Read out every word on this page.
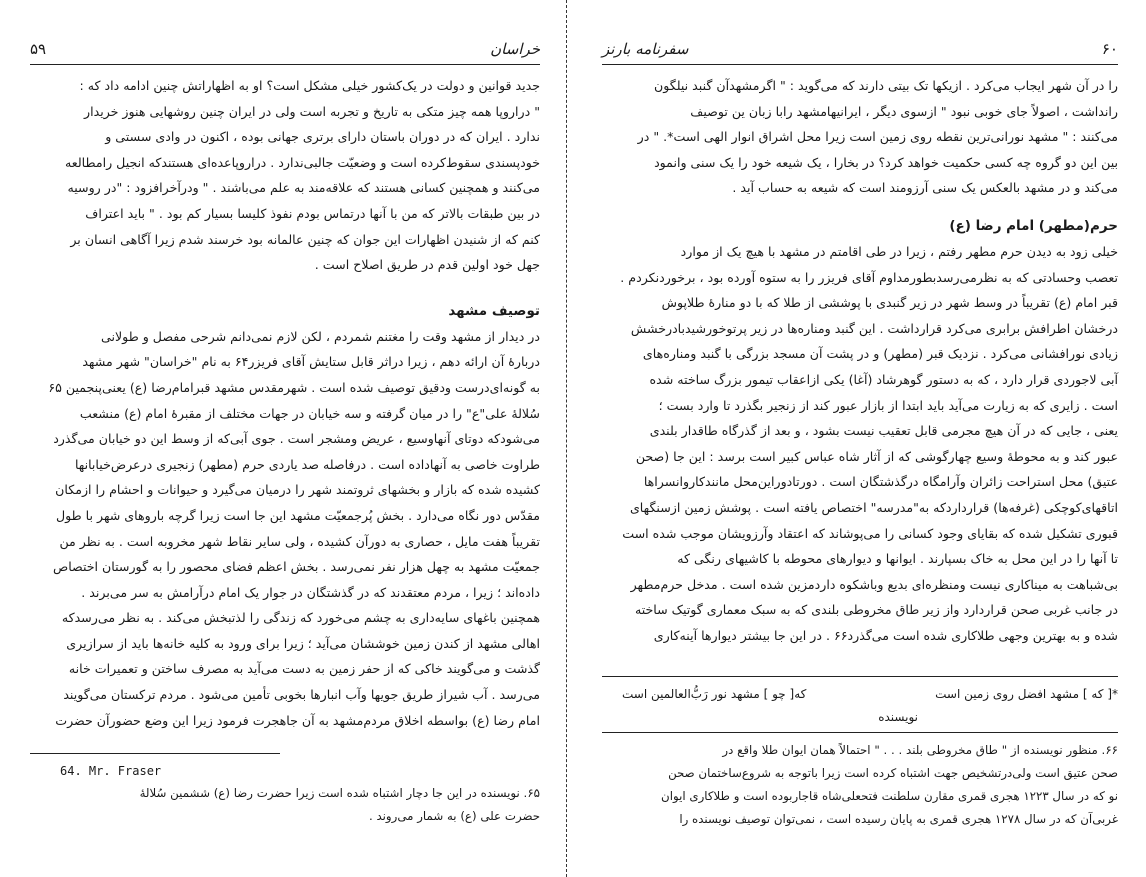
۶۰
سفرنامه بارنز

را در آن شهر ایجاب می‌کرد . ازیکها تک بیتی دارند که می‌گوید : " اگرمشهدآن گنبد نیلگون

رانداشت ، اصولاً جای خوبی نبود " ازسوی دیگر ، ایرانیهامشهد رابا زبان ین توصیف

می‌کنند : " مشهد نورانی‌ترین نقطه روی زمین است زیرا محل اشراق انوار الهی است*. " در

بین این دو گروه چه کسی حکمیت خواهد کرد؟ در بخارا ، یک شیعه خود را یک سنی وانمود

می‌کند و در مشهد بالعکس یک سنی آرزومند است که شیعه به حساب آید .

حرم(مطهر) امام رضا (ع)

خیلی زود به دیدن حرم مطهر رفتم ، زیرا در طی اقامتم در مشهد با هیچ یک از موارد

تعصب وحسادتی که به نظرمی‌رسدبطورمداوم آقای فریزر را به ستوه آورده بود ، برخوردنکردم .

قبر امام (ع) تقریباً در وسط شهر در زیر گنبدی با پوششی از طلا که با دو مناره‌ٔ طلاپوش

درخشان اطرافش برابری می‌کرد قرارداشت . این گنبد ومناره‌ها در زیر پرتوخورشیدبادرخشش

زیادی نورافشانی می‌کرد . نزدیک قبر (مطهر) و در پشت آن مسجد بزرگی با گنبد ومناره‌های

آبی لاجوردی قرار دارد ، که به دستور گوهرشاد (آغا) یکی ازاعقاب تیمور بزرگ ساخته شده

است . زایری که به زیارت می‌آید باید ابتدا از بازار عبور کند از زنجیر بگذرد تا وارد بست ؛

یعنی ، جایی که در آن هیچ مجرمی قابل تعقیب نیست بشود ، و بعد از گذرگاه طاقدار بلندی

عبور کند و به محوطه‌ٔ وسیع چهارگوشی که از آثار شاه عباس کبیر است برسد : این جا (صحن

عتیق) محل استراحت زائران وآرامگاه درگذشتگان است . دورتادوراین‌محل مانندکاروانسراها

اتاقهای‌کوچکی (غرفه‌ها) قراردارد‌که به‌"مدرسه" اختصاص یافته است . پوشش زمین ازسنگهای

قبوری تشکیل شده که بقایای وجود کسانی را می‌پوشاند که اعتقاد وآرزویشان موجب شده است

تا آنها را در این محل به خاک بسپارند . ایوانها و دیوارهای محوطه با کاشیهای رنگی که

بی‌شباهت به میناکاری نیست ومنظره‌ای بدیع وباشکوه داردمزین شده است . مدخل حرم‌مطهر

در جانب غربی صحن قراردارد واز زیر طاق مخروطی بلندی که به سبک معماری گوتیک ساخته

شده و به بهترین وجهی طلاکاری شده است می‌گذرد۶۶ . در این جا بیشتر دیوارها آینه‌کاری

*[ که ] مشهد افضل روی زمین است
که[ چو ] مشهد نور رَبُّ‌العالمین است
نویسنده

۶۶. منظور نویسنده از " طاق مخروطی بلند . . . " احتمالاً همان ایوان طلا واقع در

صحن عتیق است ولی‌درتشخیص جهت اشتباه کرده است زیرا باتوجه به شروع‌ساختمان صحن

نو که در سال ۱۲۲۳ هجری قمری مقارن سلطنت فتحعلی‌شاه قاجاربوده است و طلاکاری ایوان

غربی‌آن که در سال ۱۲۷۸ هجری قمری به پایان رسیده است ، نمی‌توان توصیف نویسنده را

خراسان
۵۹

جدید قوانین و دولت در یک‌کشور خیلی مشکل است؟ او به اظهاراتش چنین ادامه داد که :

" دراروپا همه چیز متکی به تاریخ و تجربه است ولی در ایران چنین روشهایی هنوز خریدار

ندارد . ایران که در دوران باستان دارای برتری جهانی بوده ، اکنون در وادی سستی و

خودپسندی سقوط‌کرده است و وضعیّت جالبی‌ندارد . دراروپاعده‌ای هستندکه انجیل رامطالعه

می‌کنند و همچنین کسانی هستند که علاقه‌مند به علم می‌باشند . " ودرآخرافزود : "در روسیه

در بین طبقات بالاتر که من با آنها درتماس بودم نفوذ کلیسا بسیار کم بود . " باید اعتراف

کنم که از شنیدن اظهارات این جوان که چنین عالمانه بود خرسند شدم زیرا آگاهی انسان بر

جهل خود اولین قدم در طریق اصلاح است .

توصیف مشهد

در دیدار از مشهد وقت را مغتنم شمردم ، لکن لازم نمی‌دانم شرحی مفصل و طولانی

درباره‌ٔ آن ارائه دهم ، زیرا دراثر قابل ستایش آقای فریزر۶۴ به نام "خراسان" شهر مشهد

به گونه‌ای‌درست ودقیق توصیف شده است . شهرمقدس مشهد قبرامام‌رضا (ع) یعنی‌پنجمین ۶۵

سُلاله‌ٔ علی"ع" را در میان گرفته و سه خیابان در جهات مختلف از مقبره‌ٔ امام (ع) منشعب

می‌شودکه دوتای آنهاوسیع ، عریض ومشجر است . جوی آبی‌که از وسط این دو خیابان می‌گذرد

طراوت خاصی به آنهاداده است . درفاصله صد یاردی حرم (مطهر) زنجیری درعرض‌خیابانها

کشیده شده که بازار و بخشهای ثروتمند شهر را درمیان می‌گیرد و حیوانات و احشام را ازمکان

مقدّس دور نگاه می‌دارد . بخش پُرجمعیّت مشهد این جا است زیرا گرچه باروهای شهر با طول

تقریباً هفت مایل ، حصاری به دورآن کشیده ، ولی سایر نقاط شهر مخروبه است . به نظر من

جمعیّت مشهد به چهل هزار نفر نمی‌رسد . بخش اعظم فضای محصور را به گورستان اختصاص

داده‌اند ؛ زیرا ، مردم معتقدند که در گذشتگان در جوار یک امام درآرامش به سر می‌برند .

همچنین باغهای سایه‌داری به چشم می‌خورد که زندگی را لذتبخش می‌کند . به نظر می‌رسدکه

اهالی مشهد از کندن زمین خوششان می‌آید ؛ زیرا برای ورود به کلیه خانه‌ها باید از سرازیری

گذشت و می‌گویند خاکی که از حفر زمین به دست می‌آید به مصرف ساختن و تعمیرات خانه

می‌رسد . آب شیراز طریق جویها وآب انبارها بخوبی تأمین می‌شود . مردم ترکستان می‌گویند

امام رضا (ع) بواسطه اخلاق مردم‌مشهد به آن جاهجرت فرمود زیرا این وضع حضورآن حضرت

64. Mr. Fraser

۶۵. نویسنده در این جا دچار اشتباه شده است زیرا حضرت رضا (ع) ششمین سُلاله‌ٔ

حضرت علی (ع) به شمار می‌روند .
